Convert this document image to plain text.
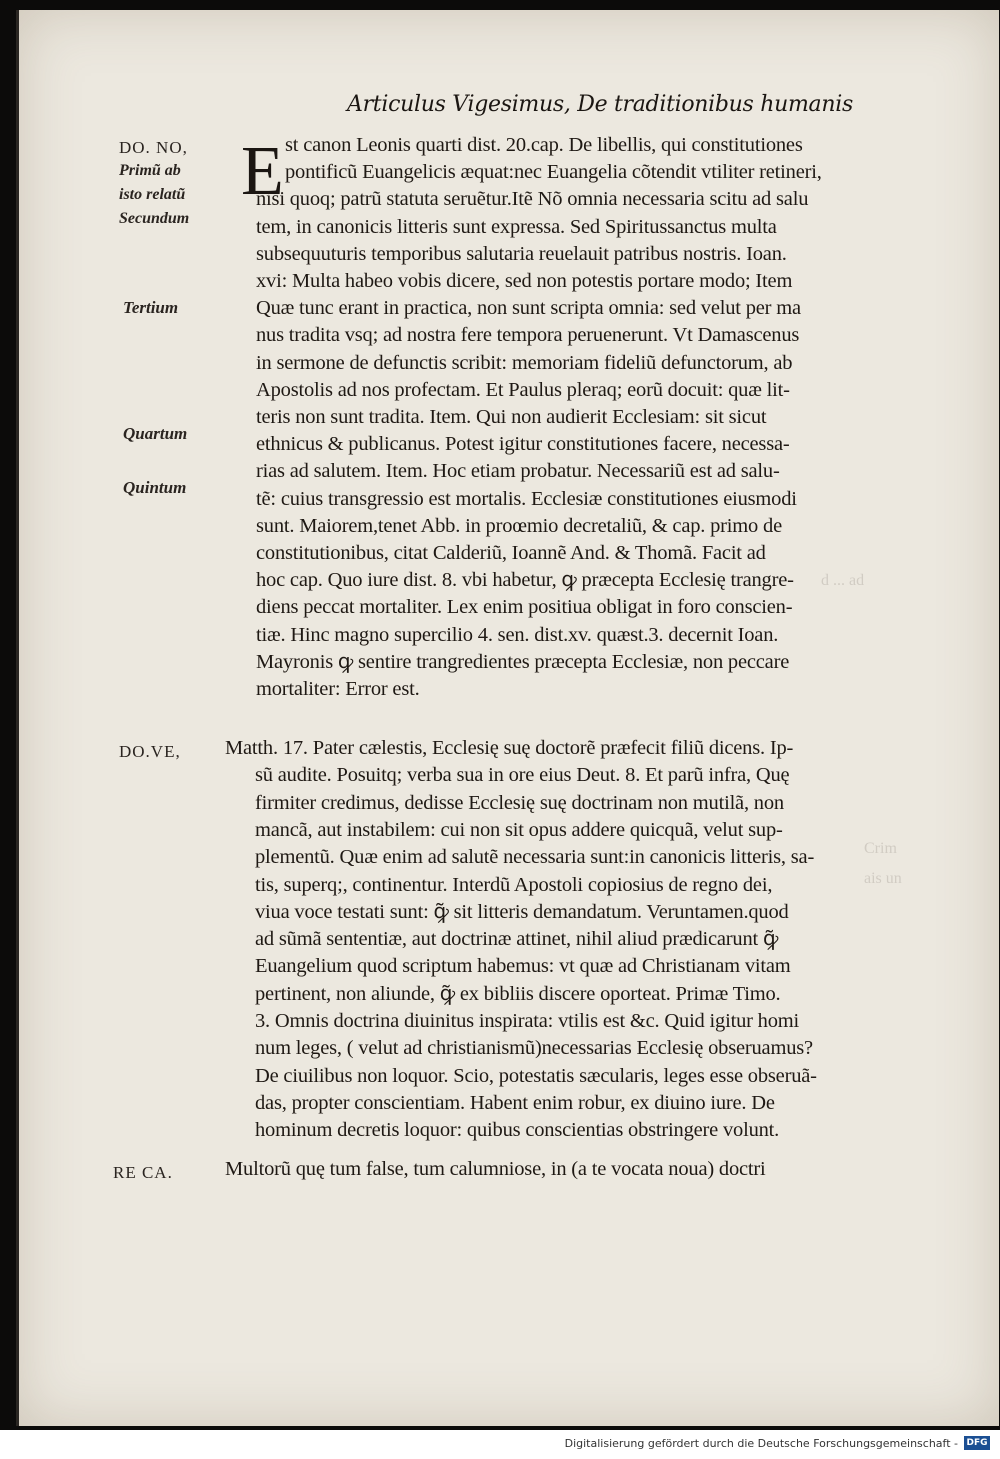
Articulus Vigesimus, De traditionibus humanis
E
DO. NO,
Primũ ab
isto relatũ
Secundum
Tertium
Quartum
Quintum
DO.VE,
RE CA.
d ... ad
Crim
ais un
st canon Leonis quarti dist. 20.cap. De libellis, qui constitutiones
pontificũ Euangelicis æquat:nec Euangelia cõtendit vtiliter retineri,
nisi quoq; patrũ statuta seruẽtur.Itẽ Nõ omnia necessaria scitu ad salu
tem, in canonicis litteris sunt expressa. Sed Spiritussanctus multa
subsequuturis temporibus salutaria reuelauit patribus nostris. Ioan.
xvi: Multa habeo vobis dicere, sed non potestis portare modo; Item
Quæ tunc erant in practica, non sunt scripta omnia: sed velut per ma
nus tradita vsq; ad nostra fere tempora peruenerunt. Vt Damascenus
in sermone de defunctis scribit: memoriam fideliũ defunctorum, ab
Apostolis ad nos profectam. Et Paulus pleraq; eorũ docuit: quæ lit-
teris non sunt tradita. Item. Qui non audierit Ecclesiam: sit sicut
ethnicus & publicanus. Potest igitur constitutiones facere, necessa-
rias ad salutem. Item. Hoc etiam probatur. Necessariũ est ad salu-
tẽ: cuius transgressio est mortalis. Ecclesiæ constitutiones eiusmodi
sunt. Maiorem,tenet Abb. in proœmio decretaliũ, & cap. primo de
constitutionibus, citat Calderiũ, Ioannẽ And. & Thomã. Facit ad
hoc cap. Quo iure dist. 8. vbi habetur, ꝙ præcepta Ecclesię trangre-
diens peccat mortaliter. Lex enim positiua obligat in foro conscien-
tiæ. Hinc magno supercilio 4. sen. dist.xv. quæst.3. decernit Ioan.
Mayronis ꝙ sentire trangredientes præcepta Ecclesiæ, non peccare
mortaliter: Error est.
Matth. 17. Pater cælestis, Ecclesię suę doctorẽ præfecit filiũ dicens. Ip-
sũ audite. Posuitq; verba sua in ore eius Deut. 8. Et parũ infra, Quę
firmiter credimus, dedisse Ecclesię suę doctrinam non mutilã, non
mancã, aut instabilem: cui non sit opus addere quicquã, velut sup-
plementũ. Quæ enim ad salutẽ necessaria sunt:in canonicis litteris, sa-
tis, superq;, continentur. Interdũ Apostoli copiosius de regno dei,
viua voce testati sunt: ꝙ̃ sit litteris demandatum. Veruntamen.quod
ad sũmã sententiæ, aut doctrinæ attinet, nihil aliud prædicarunt ꝙ̃
Euangelium quod scriptum habemus: vt quæ ad Christianam vitam
pertinent, non aliunde, ꝙ̃ ex bibliis discere oporteat. Primæ Timo.
3. Omnis doctrina diuinitus inspirata: vtilis est &c. Quid igitur homi
num leges, ( velut ad christianismũ)necessarias Ecclesię obseruamus?
De ciuilibus non loquor. Scio, potestatis sæcularis, leges esse obseruã-
das, propter conscientiam. Habent enim robur, ex diuino iure. De
hominum decretis loquor: quibus conscientias obstringere volunt.
Multorũ quę tum false, tum calumniose, in (a te vocata noua) doctri
Digitalisierung gefördert durch die Deutsche Forschungsgemeinschaft - DFG
